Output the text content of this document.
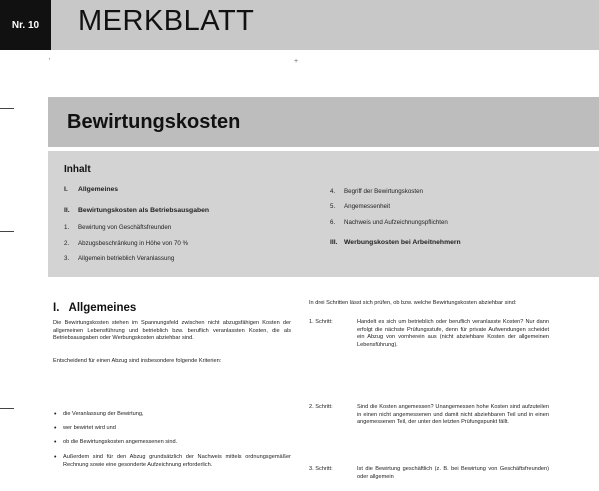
Nr. 10 MERKBLATT
'	+
Bewirtungskosten
Inhalt
I. Allgemeines
II. Bewirtungskosten als Betriebsausgaben
1. Bewirtung von Geschäftsfreunden
2. Abzugsbeschränkung in Höhe von 70 %
3. Allgemein betrieblich Veranlassung
4. Begriff der Bewirtungskosten
5. Angemessenheit
6. Nachweis und Aufzeichnungspflichten
III. Werbungskosten bei Arbeitnehmern
I.   Allgemeines
Die Bewirtungskosten stehen im Spannungsfeld zwischen nicht abzugsfähigen Kosten der allgemeinen Lebensführung und betrieblich bzw. beruflich veranlassten Kosten, die als Betriebsausgaben oder Werbungskosten abziehbar sind.
Entscheidend für einen Abzug sind insbesondere folgende Kriterien:
• die Veranlassung der Bewirtung,
• wer bewirtet wird und
• ob die Bewirtungskosten angemessenen sind.
• Außerdem sind für den Abzug grundsätzlich der Nachweis mittels ordnungsgemäßer Rechnung sowie eine gesonderte Aufzeichnung erforderlich.
In drei Schritten lässt sich prüfen, ob bzw. welche Bewirtungskosten abziehbar sind:
1. Schritt:	Handelt es sich um betrieblich oder beruflich veranlasste Kosten? Nur dann erfolgt die nächste Prüfungsstufe, denn für private Aufwendungen scheidet ein Abzug von vornherein aus (nicht abziehbare Kosten der allgemeinen Lebensführung).
2. Schritt:	Sind die Kosten angemessen? Unangemessen hohe Kosten sind aufzuteilen in einen nicht angemessenen und damit nicht abziehbaren Teil und in einen angemessenen Teil, der unter den letzten Prüfungspunkt fällt.
3. Schritt:	Ist die Bewirtung geschäftlich (z. B. bei Bewirtung von Geschäftsfreunden) oder allgemein
